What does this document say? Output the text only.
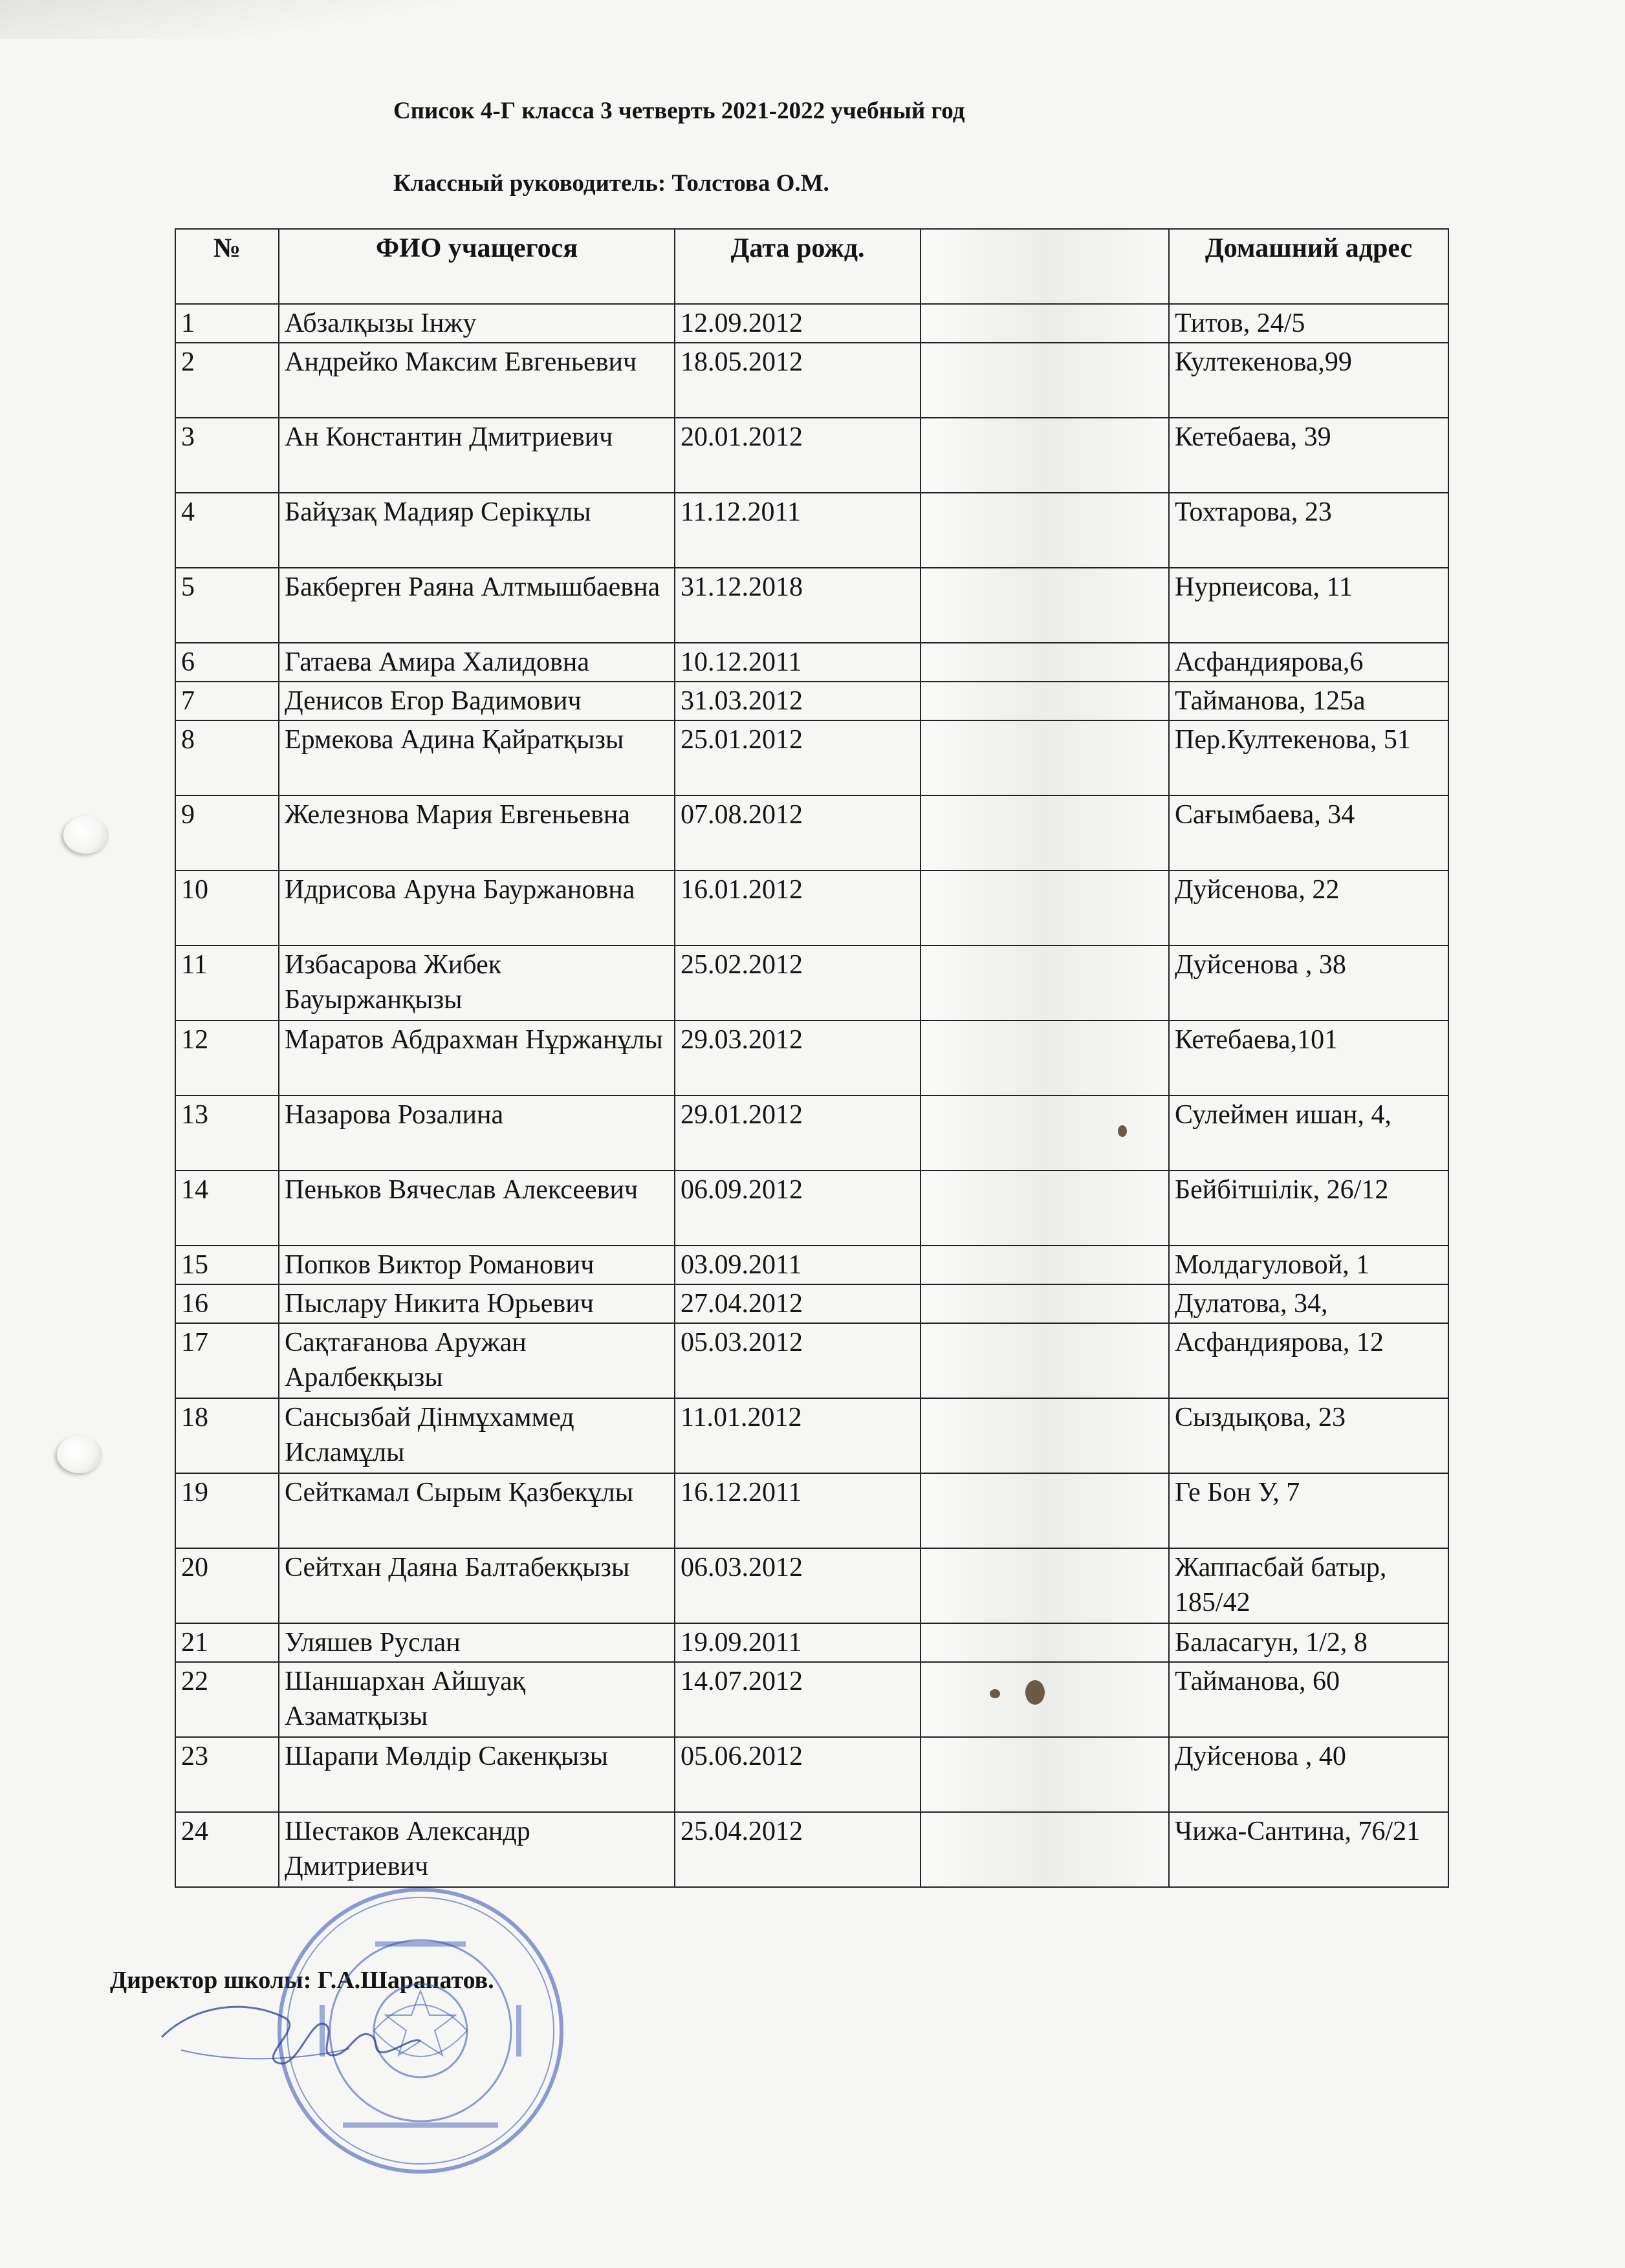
Список 4-Г класса 3 четверть 2021-2022 учебный год
Классный руководитель: Толстова О.М.
№	ФИО учащегося	Дата рожд.		Домашний адрес
1	Абзалқызы Інжу	12.09.2012		Титов, 24/5
2	Андрейко Максим Евгеньевич	18.05.2012		Култекенова,99
3	Ан Константин Дмитриевич	20.01.2012		Кетебаева, 39
4	Байұзақ Мадияр Серікұлы	11.12.2011		Тохтарова, 23
5	Бакберген Раяна Алтмышбаевна	31.12.2018		Нурпеисова, 11
6	Гатаева Амира Халидовна	10.12.2011		Асфандиярова,6
7	Денисов Егор Вадимович	31.03.2012		Тайманова, 125а
8	Ермекова Адина Қайратқызы	25.01.2012		Пер.Култекенова, 51
9	Железнова Мария Евгеньевна	07.08.2012		Сағымбаева, 34
10	Идрисова Аруна Бауржановна	16.01.2012		Дуйсенова, 22
11	Избасарова Жибек Бауыржанқызы	25.02.2012		Дуйсенова , 38
12	Маратов Абдрахман Нұржанұлы	29.03.2012		Кетебаева,101
13	Назарова Розалина	29.01.2012		Сулеймен ишан, 4,
14	Пеньков Вячеслав Алексеевич	06.09.2012		Бейбітшілік, 26/12
15	Попков Виктор Романович	03.09.2011		Молдагуловой, 1
16	Пыслару Никита Юрьевич	27.04.2012		Дулатова, 34,
17	Сақтағанова Аружан Аралбекқызы	05.03.2012		Асфандиярова, 12
18	Сансызбай Дінмұхаммед Исламұлы	11.01.2012		Сыздықова, 23
19	Сейткамал Сырым Қазбекұлы	16.12.2011		Ге Бон У, 7
20	Сейтхан Даяна Балтабекқызы	06.03.2012		Жаппасбай батыр, 185/42
21	Уляшев Руслан	19.09.2011		Баласагун, 1/2, 8
22	Шаншархан Айшуақ Азаматқызы	14.07.2012		Тайманова, 60
23	Шарапи Мөлдір Сакенқызы	05.06.2012		Дуйсенова , 40
24	Шестаков Александр Дмитриевич	25.04.2012		Чижа-Сантина, 76/21
Директор школы: Г.А.Шарапатов.
